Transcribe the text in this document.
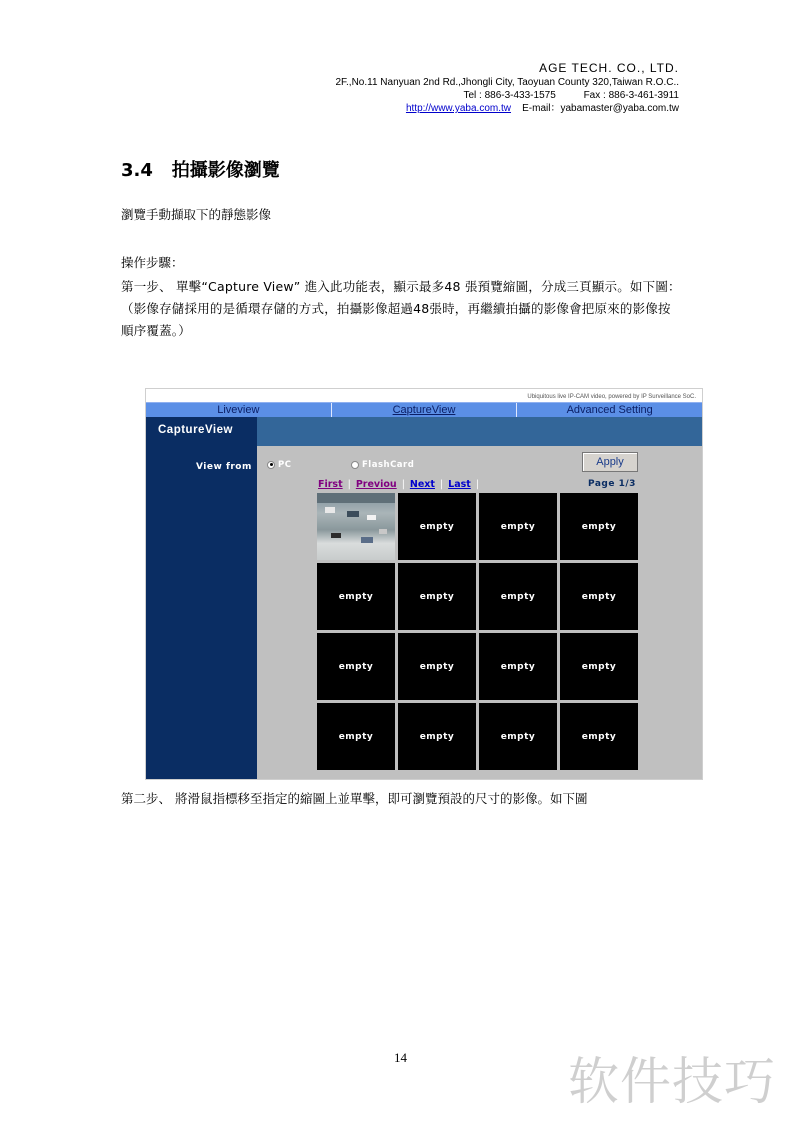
AGE TECH. CO., LTD.
2F.,No.11 Nanyuan 2nd Rd.,Jhongli City, Taoyuan County 320,Taiwan R.O.C..
Tel : 886-3-433-1575	Fax : 886-3-461-3911
http://www.yaba.com.tw E-mail：yabamaster@yaba.com.tw
3.4 拍攝影像瀏覽
瀏覽手動擷取下的靜態影像
操作步驟：
第一步、 單擊“Capture View” 進入此功能表，顯示最多48 張預覽縮圖，分成三頁顯示。如下圖：（影像存儲採用的是循環存儲的方式，拍攝影像超過48張時，再繼續拍攝的影像會把原來的影像按順序覆蓋。）
Ubiquitous live IP-CAM video, powered by IP Surveillance SoC.
Liveview	CaptureView	Advanced Setting
CaptureView
View from	PC	FlashCard	Apply
First | Previou | Next | Last |	Page 1/3
empty	empty	empty
empty	empty	empty	empty
empty	empty	empty	empty
empty	empty	empty	empty
第二步、 將滑鼠指標移至指定的縮圖上並單擊，即可瀏覽預設的尺寸的影像。如下圖
14	软件技巧
